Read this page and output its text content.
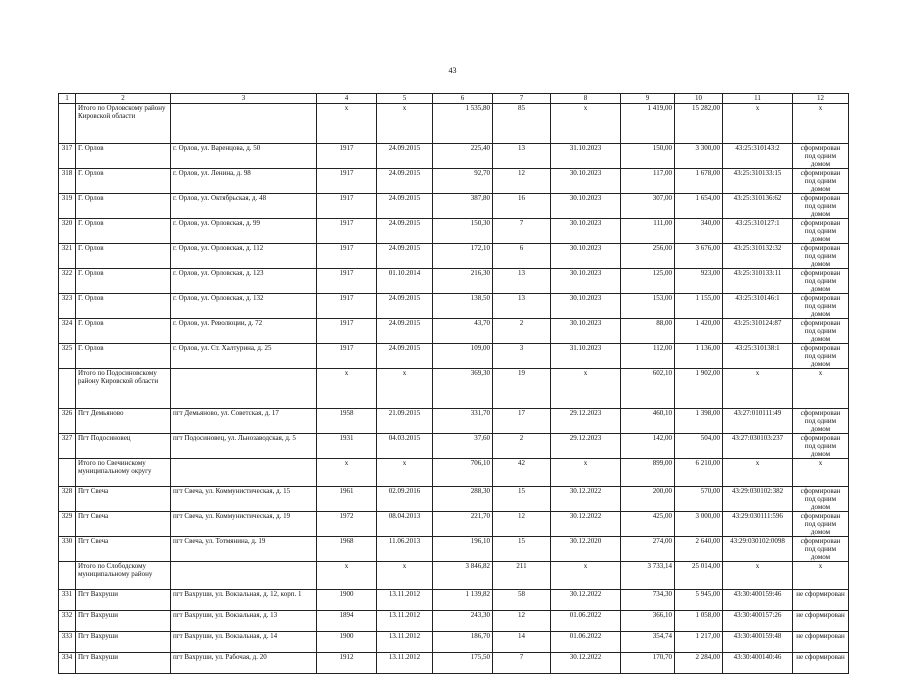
43
1	2	3	4	5	6	7	8	9	10	11	12
	Итого по Орловскому району Кировской области		x	x	1 535,80	85	x	1 419,00	15 282,00	x	x
317	Г. Орлов	г. Орлов, ул. Варенцова, д. 50	1917	24.09.2015	225,40	13	31.10.2023	150,00	3 300,00	43:25:310143:2	сформирован под одним домом
318	Г. Орлов	г. Орлов, ул. Ленина, д. 98	1917	24.09.2015	92,70	12	30.10.2023	117,00	1 678,00	43:25:310133:15	сформирован под одним домом
319	Г. Орлов	г. Орлов, ул. Октябрьская, д. 48	1917	24.09.2015	387,80	16	30.10.2023	307,00	1 654,00	43:25:310136:62	сформирован под одним домом
320	Г. Орлов	г. Орлов, ул. Орловская, д. 99	1917	24.09.2015	150,30	7	30.10.2023	111,00	340,00	43:25:310127:1	сформирован под одним домом
321	Г. Орлов	г. Орлов, ул. Орловская, д. 112	1917	24.09.2015	172,10	6	30.10.2023	256,00	3 676,00	43:25:310132:32	сформирован под одним домом
322	Г. Орлов	г. Орлов, ул. Орловская, д. 123	1917	01.10.2014	216,30	13	30.10.2023	125,00	923,00	43:25:310133:11	сформирован под одним домом
323	Г. Орлов	г. Орлов, ул. Орловская, д. 132	1917	24.09.2015	138,50	13	30.10.2023	153,00	1 155,00	43:25:310146:1	сформирован под одним домом
324	Г. Орлов	г. Орлов, ул. Революции, д. 72	1917	24.09.2015	43,70	2	30.10.2023	88,00	1 420,00	43:25:310124:87	сформирован под одним домом
325	Г. Орлов	г. Орлов, ул. Ст. Халтурина, д. 25	1917	24.09.2015	109,00	3	31.10.2023	112,00	1 136,00	43:25:310138:1	сформирован под одним домом
	Итого по Подосиновскому району Кировской области		x	x	369,30	19	x	602,10	1 902,00	x	x
326	Пгт Демьяново	пгт Демьяново, ул. Советская, д. 17	1958	21.09.2015	331,70	17	29.12.2023	460,10	1 398,00	43:27:010111:49	сформирован под одним домом
327	Пгт Подосиновец	пгт Подосиновец, ул. Льнозаводская, д. 5	1931	04.03.2015	37,60	2	29.12.2023	142,00	504,00	43:27:030103:237	сформирован под одним домом
	Итого по Свечинскому муниципальному округу		x	x	706,10	42	x	899,00	6 210,00	x	x
328	Пгт Свеча	пгт Свеча, ул. Коммунистическая, д. 15	1961	02.09.2016	288,30	15	30.12.2022	200,00	570,00	43:29:030102:382	сформирован под одним домом
329	Пгт Свеча	пгт Свеча, ул. Коммунистическая, д. 19	1972	08.04.2013	221,70	12	30.12.2022	425,00	3 000,00	43:29:030111:596	сформирован под одним домом
330	Пгт Свеча	пгт Свеча, ул. Тотмянина, д. 19	1968	11.06.2013	196,10	15	30.12.2020	274,00	2 640,00	43:29:030102:0098	сформирован под одним домом
	Итого по Слободскому муниципальному району		x	x	3 846,82	211	x	3 733,14	25 014,00	x	x
331	Пгт Вахруши	пгт Вахруши, ул. Вокзальная, д. 12, корп. 1	1900	13.11.2012	1 139,82	58	30.12.2022	734,30	5 945,00	43:30:400159:46	не сформирован
332	Пгт Вахруши	пгт Вахруши, ул. Вокзальная, д. 13	1894	13.11.2012	243,30	12	01.06.2022	366,10	1 058,00	43:30:400157:26	не сформирован
333	Пгт Вахруши	пгт Вахруши, ул. Вокзальная, д. 14	1900	13.11.2012	186,70	14	01.06.2022	354,74	1 217,00	43:30:400159:48	не сформирован
334	Пгт Вахруши	пгт Вахруши, ул. Рабочая, д. 20	1912	13.11.2012	175,50	7	30.12.2022	170,70	2 284,00	43:30:400140:46	не сформирован
